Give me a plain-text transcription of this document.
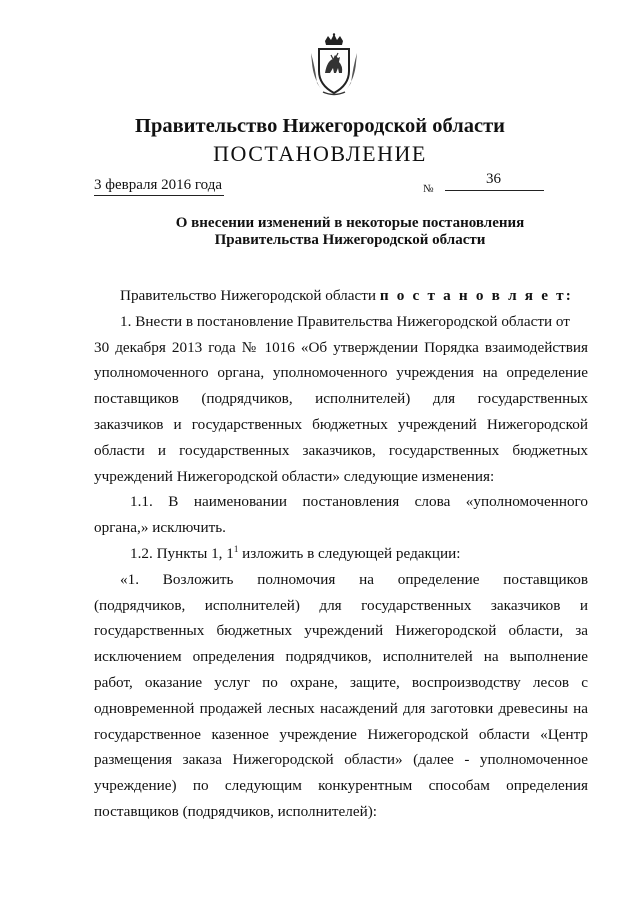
Правительство Нижегородской области
ПОСТАНОВЛЕНИЕ
3 февраля 2016 года	№
36
О внесении изменений в некоторые постановления
Правительства Нижегородской области
Правительство Нижегородской области п о с т а н о в л я е т:
1. Внести в постановление Правительства Нижегородской области от
30 декабря 2013 года № 1016 «Об утверждении Порядка взаимодействия
уполномоченного органа, уполномоченного учреждения на определение
поставщиков (подрядчиков, исполнителей) для государственных
заказчиков и государственных бюджетных учреждений Нижегородской
области и государственных заказчиков, государственных бюджетных
учреждений Нижегородской области» следующие изменения:
1.1. В наименовании постановления слова «уполномоченного
органа,» исключить.
1.2. Пункты 1, $1^1$ изложить в следующей редакции:
«1. Возложить полномочия на определение поставщиков
(подрядчиков, исполнителей) для государственных заказчиков и
государственных бюджетных учреждений Нижегородской области, за
исключением определения подрядчиков, исполнителей на выполнение
работ, оказание услуг по охране, защите, воспроизводству лесов с
одновременной продажей лесных насаждений для заготовки древесины на
государственное казенное учреждение Нижегородской области «Центр
размещения заказа Нижегородской области» (далее - уполномоченное
учреждение) по следующим конкурентным способам определения
поставщиков (подрядчиков, исполнителей):
